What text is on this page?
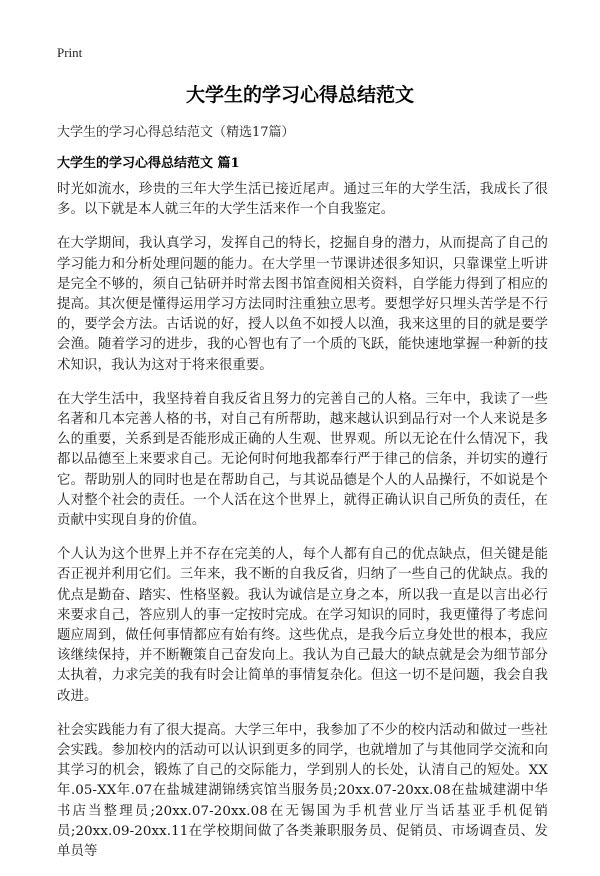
Print
大学生的学习心得总结范文
大学生的学习心得总结范文（精选17篇）
大学生的学习心得总结范文 篇1

时光如流水，珍贵的三年大学生活已接近尾声。通过三年的大学生活，我成长了很多。以下就是本人就三年的大学生活来作一个自我鉴定。

在大学期间，我认真学习，发挥自己的特长，挖掘自身的潜力，从而提高了自己的学习能力和分析处理问题的能力。在大学里一节课讲述很多知识，只靠课堂上听讲是完全不够的，须自己钻研并时常去图书馆查阅相关资料，自学能力得到了相应的提高。其次便是懂得运用学习方法同时注重独立思考。要想学好只埋头苦学是不行的，要学会方法。古话说的好，授人以鱼不如授人以渔，我来这里的目的就是要学会渔。随着学习的进步，我的心智也有了一个质的飞跃，能快速地掌握一种新的技术知识，我认为这对于将来很重要。

在大学生活中，我坚持着自我反省且努力的完善自己的人格。三年中，我读了一些名著和几本完善人格的书，对自己有所帮助，越来越认识到品行对一个人来说是多么的重要，关系到是否能形成正确的人生观、世界观。所以无论在什么情况下，我都以品德至上来要求自己。无论何时何地我都奉行严于律己的信条，并切实的遵行它。帮助别人的同时也是在帮助自己，与其说品德是个人的人品操行，不如说是个人对整个社会的责任。一个人活在这个世界上，就得正确认识自己所负的责任，在贡献中实现自身的价值。

个人认为这个世界上并不存在完美的人，每个人都有自己的优点缺点，但关键是能否正视并利用它们。三年来，我不断的自我反省，归纳了一些自己的优缺点。我的优点是勤奋、踏实、性格坚毅。我认为诚信是立身之本，所以我一直是以言出必行来要求自己，答应别人的事一定按时完成。在学习知识的同时，我更懂得了考虑问题应周到，做任何事情都应有始有终。这些优点，是我今后立身处世的根本，我应该继续保持，并不断鞭策自己奋发向上。我认为自己最大的缺点就是会为细节部分太执着，力求完美的我有时会让简单的事情复杂化。但这一切不是问题，我会自我改进。

社会实践能力有了很大提高。大学三年中，我参加了不少的校内活动和做过一些社会实践。参加校内的活动可以认识到更多的同学，也就增加了与其他同学交流和向其学习的机会，锻炼了自己的交际能力，学到别人的长处，认清自己的短处。XX年.05-XX年.07在盐城建湖锦绣宾馆当服务员;20xx.07-20xx.08在盐城建湖中华书店当整理员;20xx.07-20xx.08在无锡国为手机营业厅当话基亚手机促销员;20xx.09-20xx.11在学校期间做了各类兼职服务员、促销员、市场调查员、发单员等
